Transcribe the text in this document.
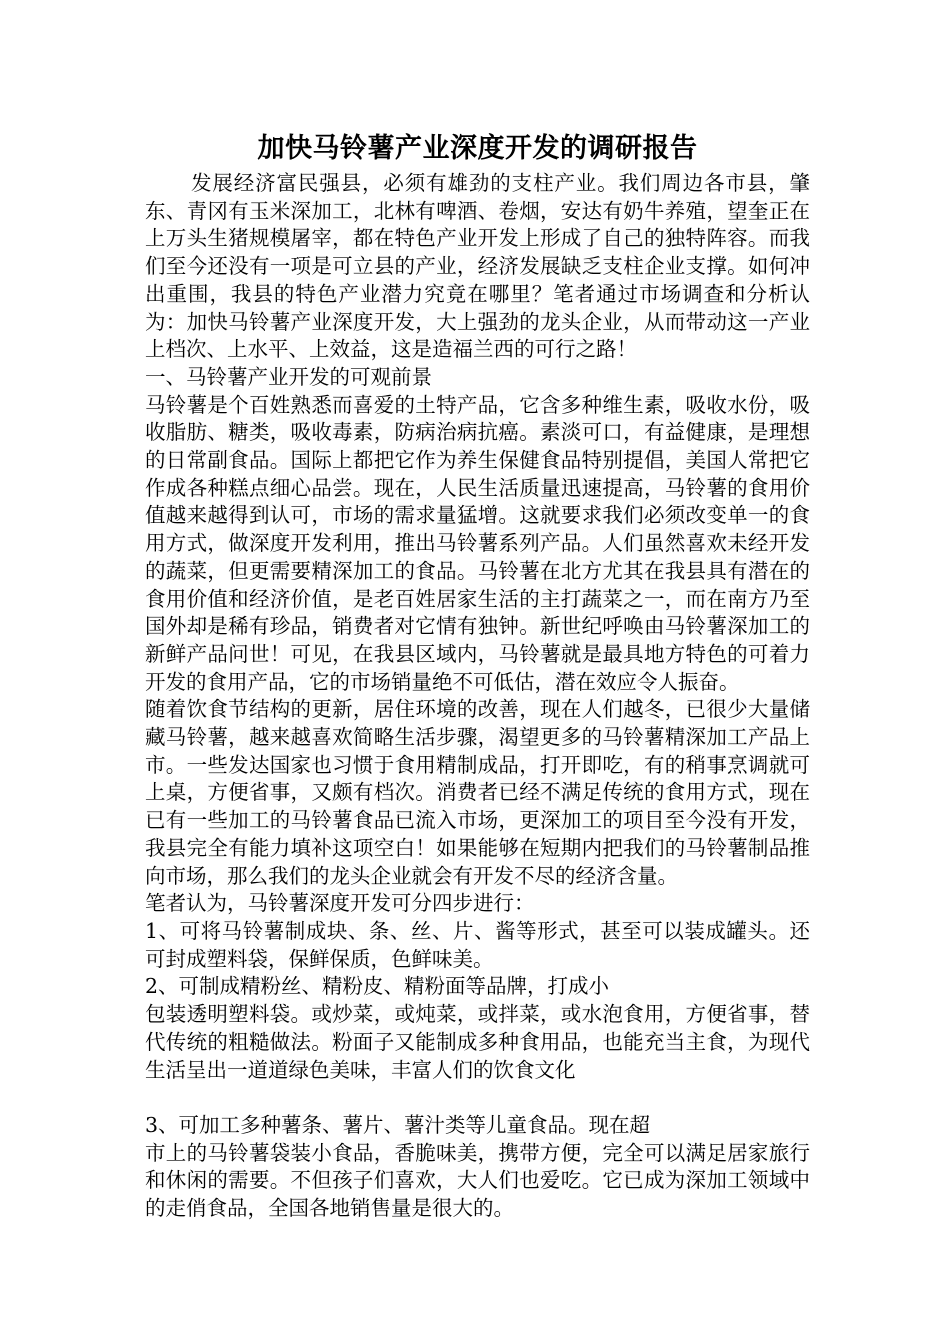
加快马铃薯产业深度开发的调研报告

发展经济富民强县，必须有雄劲的支柱产业。我们周边各市县，肇东、青冈有玉米深加工，北林有啤酒、卷烟，安达有奶牛养殖，望奎正在上万头生猪规模屠宰，都在特色产业开发上形成了自己的独特阵容。而我们至今还没有一项是可立县的产业，经济发展缺乏支柱企业支撑。如何冲出重围，我县的特色产业潜力究竟在哪里？笔者通过市场调查和分析认为：加快马铃薯产业深度开发，大上强劲的龙头企业，从而带动这一产业上档次、上水平、上效益，这是造福兰西的可行之路！

一、马铃薯产业开发的可观前景

马铃薯是个百姓熟悉而喜爱的土特产品，它含多种维生素，吸收水份，吸收脂肪、糖类，吸收毒素，防病治病抗癌。素淡可口，有益健康，是理想的日常副食品。国际上都把它作为养生保健食品特别提倡，美国人常把它作成各种糕点细心品尝。现在，人民生活质量迅速提高，马铃薯的食用价值越来越得到认可，市场的需求量猛增。这就要求我们必须改变单一的食用方式，做深度开发利用，推出马铃薯系列产品。人们虽然喜欢未经开发的蔬菜，但更需要精深加工的食品。马铃薯在北方尤其在我县具有潜在的食用价值和经济价值，是老百姓居家生活的主打蔬菜之一，而在南方乃至国外却是稀有珍品，销费者对它情有独钟。新世纪呼唤由马铃薯深加工的新鲜产品问世！可见，在我县区域内，马铃薯就是最具地方特色的可着力开发的食用产品，它的市场销量绝不可低估，潜在效应令人振奋。

随着饮食节结构的更新，居住环境的改善，现在人们越冬，已很少大量储藏马铃薯，越来越喜欢简略生活步骤，渴望更多的马铃薯精深加工产品上市。一些发达国家也习惯于食用精制成品，打开即吃，有的稍事烹调就可上桌，方便省事，又颇有档次。消费者已经不满足传统的食用方式，现在已有一些加工的马铃薯食品已流入市场，更深加工的项目至今没有开发，我县完全有能力填补这项空白！如果能够在短期内把我们的马铃薯制品推向市场，那么我们的龙头企业就会有开发不尽的经济含量。

笔者认为，马铃薯深度开发可分四步进行：

1、可将马铃薯制成块、条、丝、片、酱等形式，甚至可以装成罐头。还可封成塑料袋，保鲜保质，色鲜味美。

2、可制成精粉丝、精粉皮、精粉面等品牌，打成小

包装透明塑料袋。或炒菜，或炖菜，或拌菜，或水泡食用，方便省事，替代传统的粗糙做法。粉面子又能制成多种食用品，也能充当主食，为现代生活呈出一道道绿色美味，丰富人们的饮食文化

3、可加工多种薯条、薯片、薯汁类等儿童食品。现在超

市上的马铃薯袋装小食品，香脆味美，携带方便，完全可以满足居家旅行和休闲的需要。不但孩子们喜欢，大人们也爱吃。它已成为深加工领域中的走俏食品，全国各地销售量是很大的。
